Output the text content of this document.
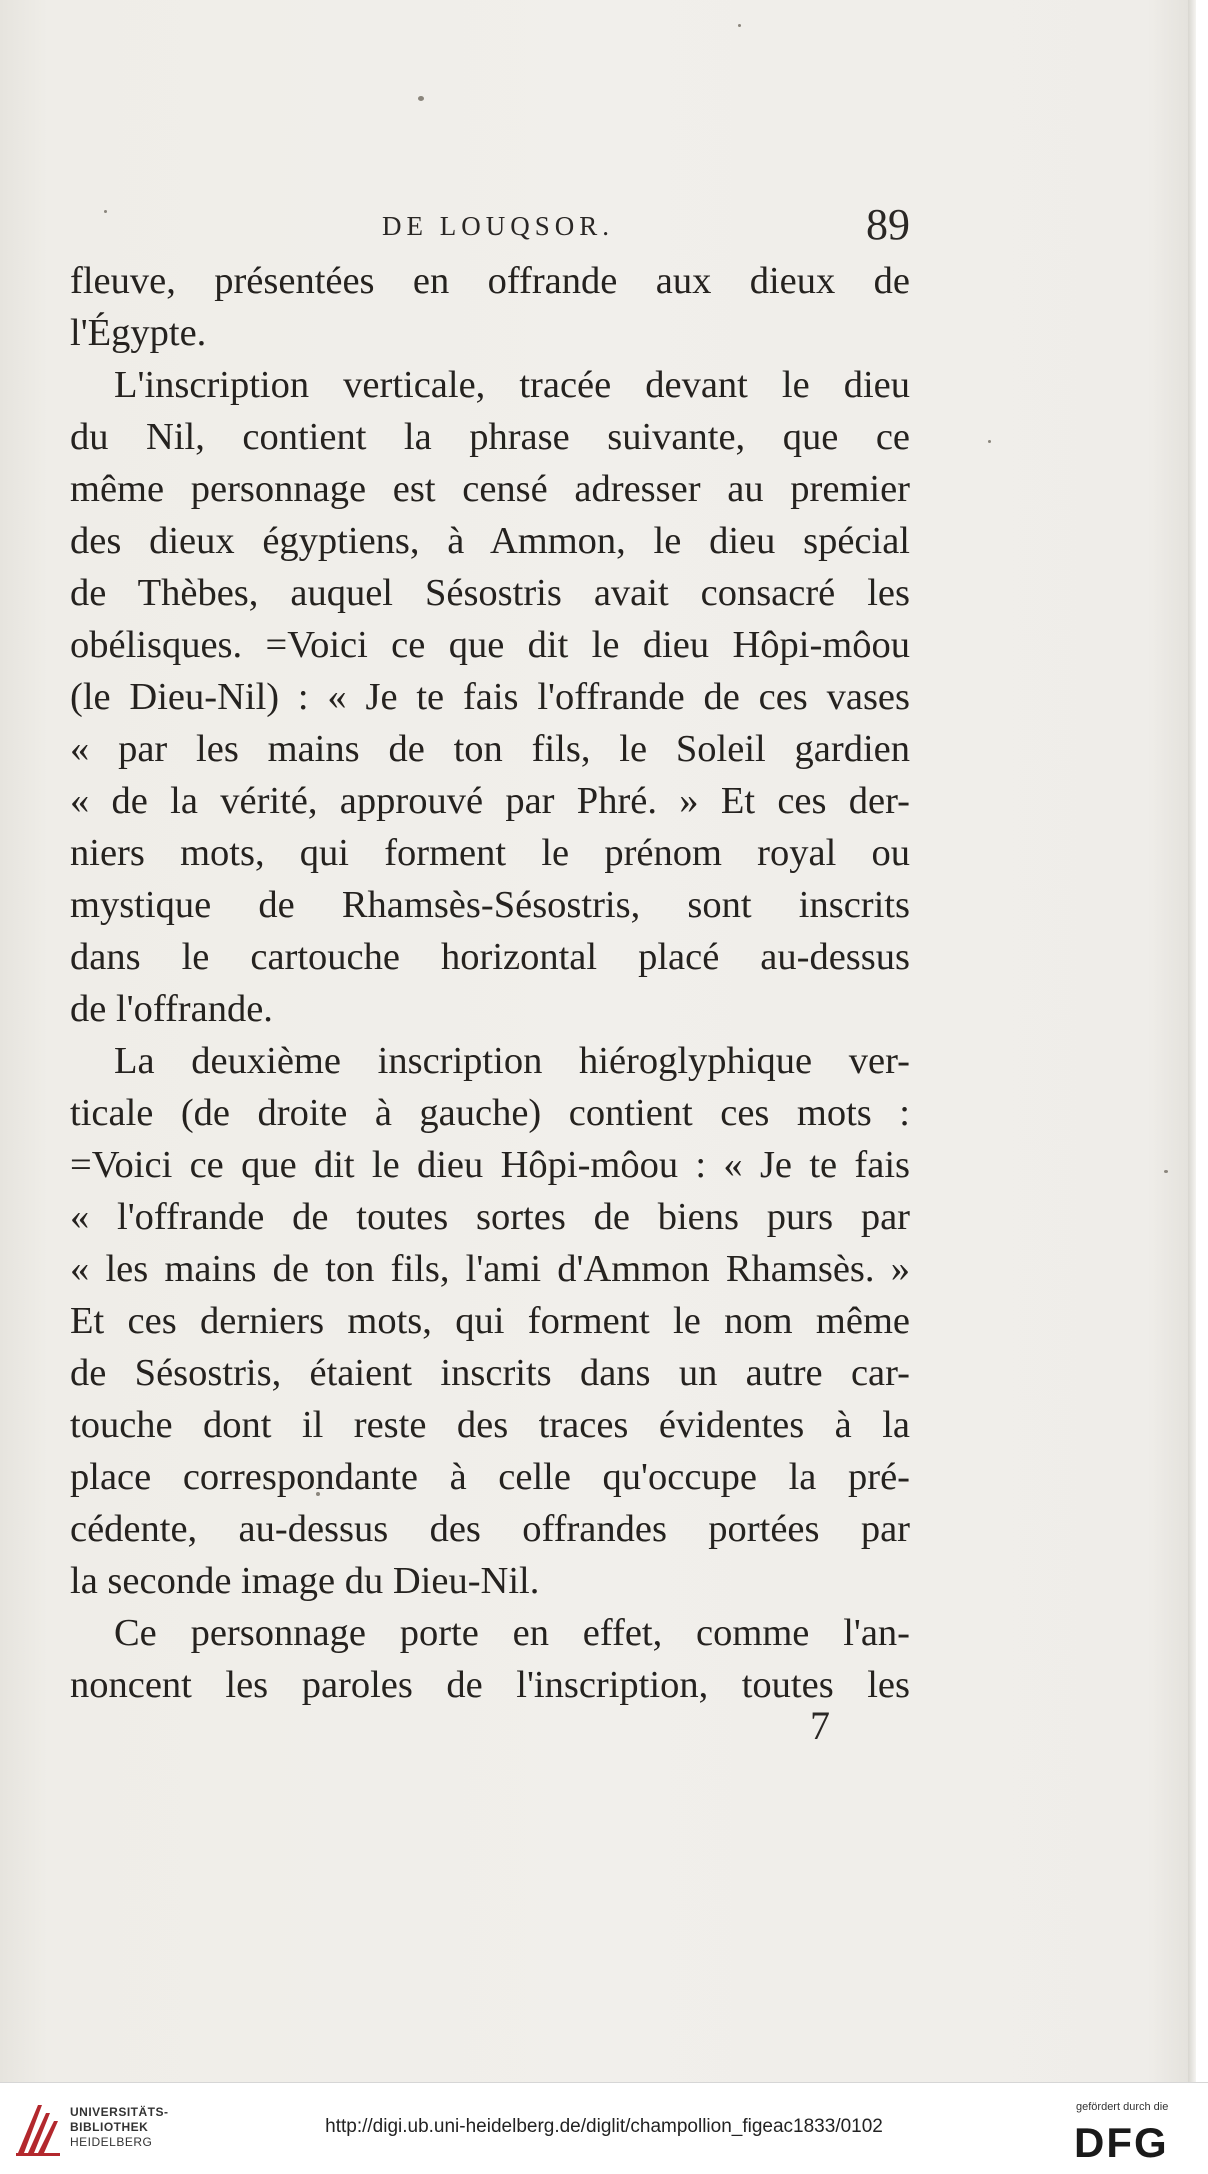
DE LOUQSOR.	89
fleuve, présentées en offrande aux dieux de
l'Égypte.
L'inscription verticale, tracée devant le dieu
du Nil, contient la phrase suivante, que ce
même personnage est censé adresser au premier
des dieux égyptiens, à Ammon, le dieu spécial
de Thèbes, auquel Sésostris avait consacré les
obélisques. =Voici ce que dit le dieu Hôpi-môou
(le Dieu-Nil) : « Je te fais l'offrande de ces vases
« par les mains de ton fils, le Soleil gardien
« de la vérité, approuvé par Phré. » Et ces der-
niers mots, qui forment le prénom royal ou
mystique de Rhamsès-Sésostris, sont inscrits
dans le cartouche horizontal placé au-dessus
de l'offrande.
La deuxième inscription hiéroglyphique ver-
ticale (de droite à gauche) contient ces mots :
=Voici ce que dit le dieu Hôpi-môou : « Je te fais
« l'offrande de toutes sortes de biens purs par
« les mains de ton fils, l'ami d'Ammon Rhamsès. »
Et ces derniers mots, qui forment le nom même
de Sésostris, étaient inscrits dans un autre car-
touche dont il reste des traces évidentes à la
place correspondante à celle qu'occupe la pré-
cédente, au-dessus des offrandes portées par
la seconde image du Dieu-Nil.
Ce personnage porte en effet, comme l'an-
noncent les paroles de l'inscription, toutes les
7
UNIVERSITÄTS-
BIBLIOTHEK
HEIDELBERG
http://digi.ub.uni-heidelberg.de/diglit/champollion_figeac1833/0102
gefördert durch die
DFG
